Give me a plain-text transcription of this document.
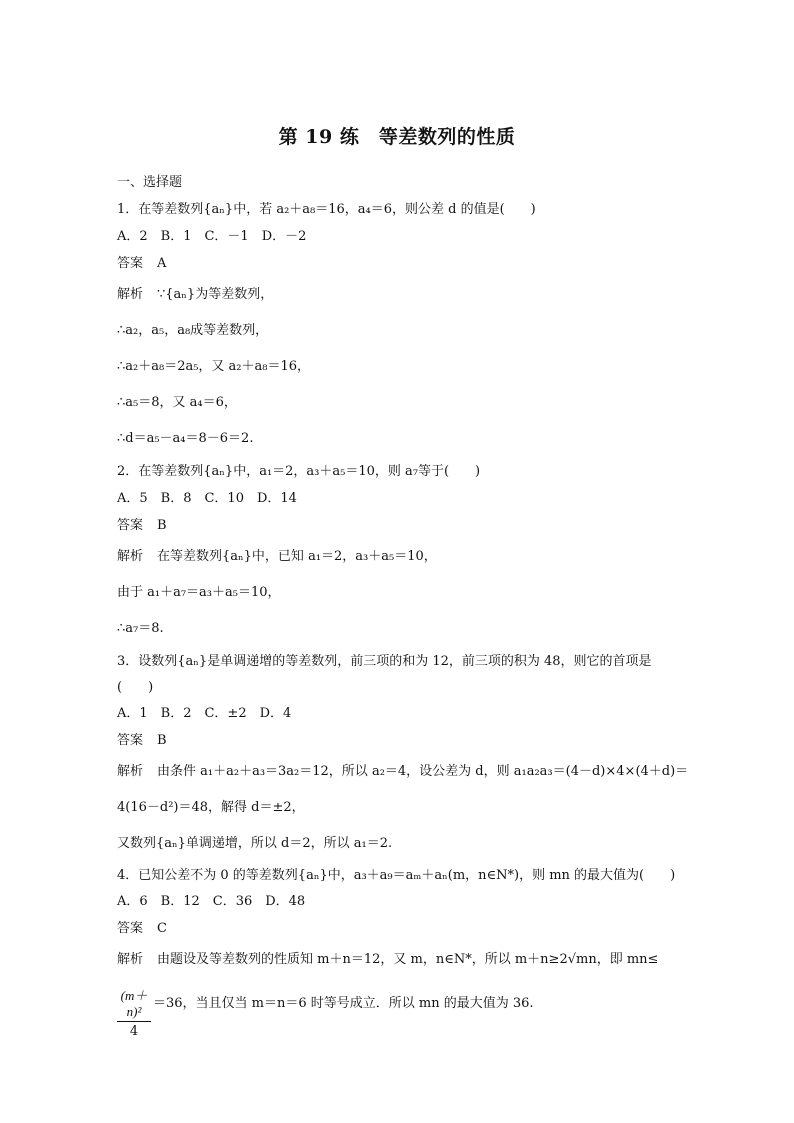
第 19 练　等差数列的性质
一、选择题
1．在等差数列{aₙ}中，若 a₂＋a₈＝16，a₄＝6，则公差 d 的值是(　　)
A．2　B．1　C．－1　D．－2
答案 A
解析 ∵{aₙ}为等差数列，
∴a₂，a₅，a₈成等差数列，
∴a₂＋a₈＝2a₅，又 a₂＋a₈＝16，
∴a₅＝8，又 a₄＝6，
∴d＝a₅－a₄＝8－6＝2.
2．在等差数列{aₙ}中，a₁＝2，a₃＋a₅＝10，则 a₇等于(　　)
A．5　B．8　C．10　D．14
答案 B
解析 在等差数列{aₙ}中，已知 a₁＝2，a₃＋a₅＝10，
由于 a₁＋a₇＝a₃＋a₅＝10，
∴a₇＝8.
3．设数列{aₙ}是单调递增的等差数列，前三项的和为 12，前三项的积为 48，则它的首项是
(　　)
A．1　B．2　C．±2　D．4
答案 B
解析 由条件 a₁＋a₂＋a₃＝3a₂＝12，所以 a₂＝4，设公差为 d，则 a₁a₂a₃＝(4－d)×4×(4＋d)＝
4(16－d²)＝48，解得 d＝±2，
又数列{aₙ}单调递增，所以 d＝2，所以 a₁＝2.
4．已知公差不为 0 的等差数列{aₙ}中，a₃＋a₉＝aₘ＋aₙ(m，n∈N*)，则 mn 的最大值为(　　)
A．6　B．12　C．36　D．48
答案 C
解析 由题设及等差数列的性质知 m＋n＝12，又 m，n∈N*，所以 m＋n≥2√mn，即 mn≤
$\frac{\text{(m＋n)²}}{4} =36$，当且仅当 m＝n＝6 时等号成立．所以 mn 的最大值为 36.
